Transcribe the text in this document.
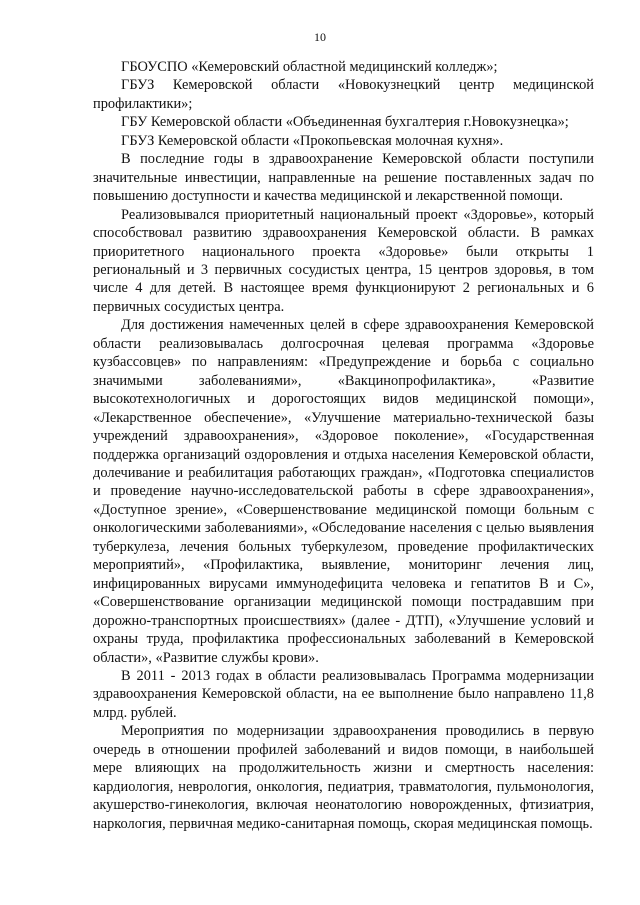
10

ГБОУСПО «Кемеровский областной медицинский колледж»;

ГБУЗ Кемеровской области «Новокузнецкий центр медицинской профилактики»;

ГБУ Кемеровской области «Объединенная бухгалтерия г.Новокузнецка»;

ГБУЗ Кемеровской области «Прокопьевская молочная кухня».

В последние годы в здравоохранение Кемеровской области поступили значительные инвестиции, направленные на решение поставленных задач по повышению доступности и качества медицинской и лекарственной помощи.

Реализовывался приоритетный национальный проект «Здоровье», который способствовал развитию здравоохранения Кемеровской области. В рамках приоритетного национального проекта «Здоровье» были открыты 1 региональный и 3 первичных сосудистых центра, 15 центров здоровья, в том числе 4 для детей. В настоящее время функционируют 2 региональных и 6 первичных сосудистых центра.

Для достижения намеченных целей в сфере здравоохранения Кемеровской области реализовывалась долгосрочная целевая программа «Здоровье кузбассовцев» по направлениям: «Предупреждение и борьба с социально значимыми заболеваниями», «Вакцинопрофилактика», «Развитие высокотехнологичных и дорогостоящих видов медицинской помощи», «Лекарственное обеспечение», «Улучшение материально-технической базы учреждений здравоохранения», «Здоровое поколение», «Государственная поддержка организаций оздоровления и отдыха населения Кемеровской области, долечивание и реабилитация работающих граждан», «Подготовка специалистов и проведение научно-исследовательской работы в сфере здравоохранения», «Доступное зрение», «Совершенствование медицинской помощи больным с онкологическими заболеваниями», «Обследование населения с целью выявления туберкулеза, лечения больных туберкулезом, проведение профилактических мероприятий», «Профилактика, выявление, мониторинг лечения лиц, инфицированных вирусами иммунодефицита человека и гепатитов В и С», «Совершенствование организации медицинской помощи пострадавшим при дорожно-транспортных происшествиях» (далее - ДТП), «Улучшение условий и охраны труда, профилактика профессиональных заболеваний в Кемеровской области», «Развитие службы крови».

В 2011 - 2013 годах в области реализовывалась Программа модернизации здравоохранения Кемеровской области, на ее выполнение было направлено 11,8 млрд. рублей.

Мероприятия по модернизации здравоохранения проводились в первую очередь в отношении профилей заболеваний и видов помощи, в наибольшей мере влияющих на продолжительность жизни и смертность населения: кардиология, неврология, онкология, педиатрия, травматология, пульмонология, акушерство-гинекология, включая неонатологию новорожденных, фтизиатрия, наркология, первичная медико-санитарная помощь, скорая медицинская помощь.
